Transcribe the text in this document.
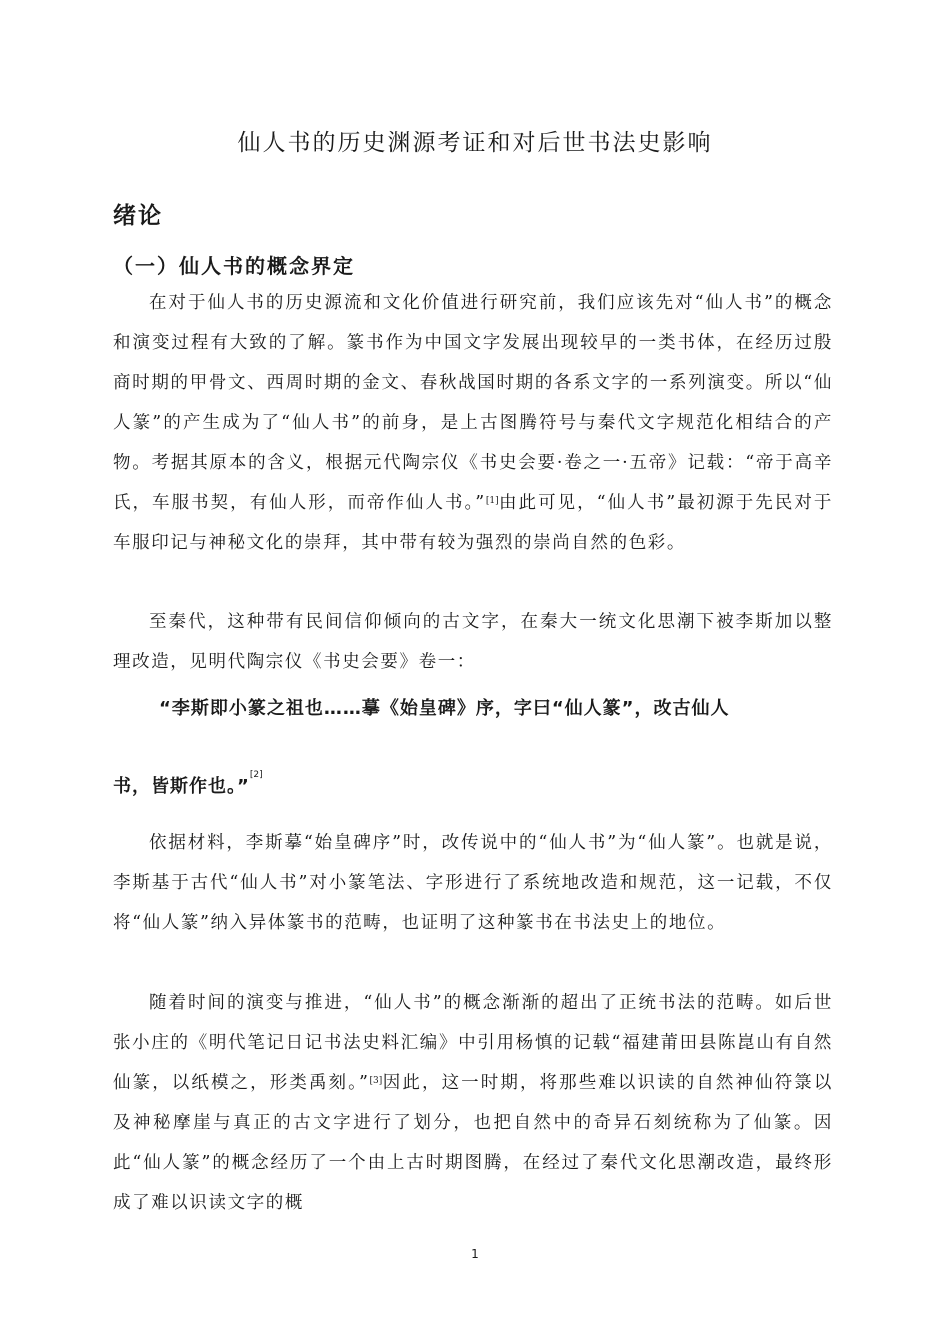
仙人书的历史渊源考证和对后世书法史影响
绪论
（一）仙人书的概念界定

在对于仙人书的历史源流和文化价值进行研究前，我们应该先对“仙人书”的概念和演变过程有大致的了解。篆书作为中国文字发展出现较早的一类书体，在经历过殷商时期的甲骨文、西周时期的金文、春秋战国时期的各系文字的一系列演变。所以“仙人篆”的产生成为了“仙人书”的前身，是上古图腾符号与秦代文字规范化相结合的产物。考据其原本的含义，根据元代陶宗仪《书史会要·卷之一·五帝》记载：“帝于高辛氏，车服书契，有仙人形，而帝作仙人书。”[1]由此可见，“仙人书”最初源于先民对于车服印记与神秘文化的崇拜，其中带有较为强烈的崇尚自然的色彩。

至秦代，这种带有民间信仰倾向的古文字，在秦大一统文化思潮下被李斯加以整理改造，见明代陶宗仪《书史会要》卷一：

“李斯即小篆之祖也……摹《始皇碑》序，字曰“仙人篆”，改古仙人

书，皆斯作也。”[2]

依据材料，李斯摹“始皇碑序”时，改传说中的“仙人书”为“仙人篆”。也就是说，李斯基于古代“仙人书”对小篆笔法、字形进行了系统地改造和规范，这一记载，不仅将“仙人篆”纳入异体篆书的范畴，也证明了这种篆书在书法史上的地位。

随着时间的演变与推进，“仙人书”的概念渐渐的超出了正统书法的范畴。如后世张小庄的《明代笔记日记书法史料汇编》中引用杨慎的记载“福建莆田县陈崑山有自然仙篆，以纸模之，形类禹刻。”[3]因此，这一时期，将那些难以识读的自然神仙符箓以及神秘摩崖与真正的古文字进行了划分，也把自然中的奇异石刻统称为了仙篆。因此“仙人篆”的概念经历了一个由上古时期图腾，在经过了秦代文化思潮改造，最终形成了难以识读文字的概

1
